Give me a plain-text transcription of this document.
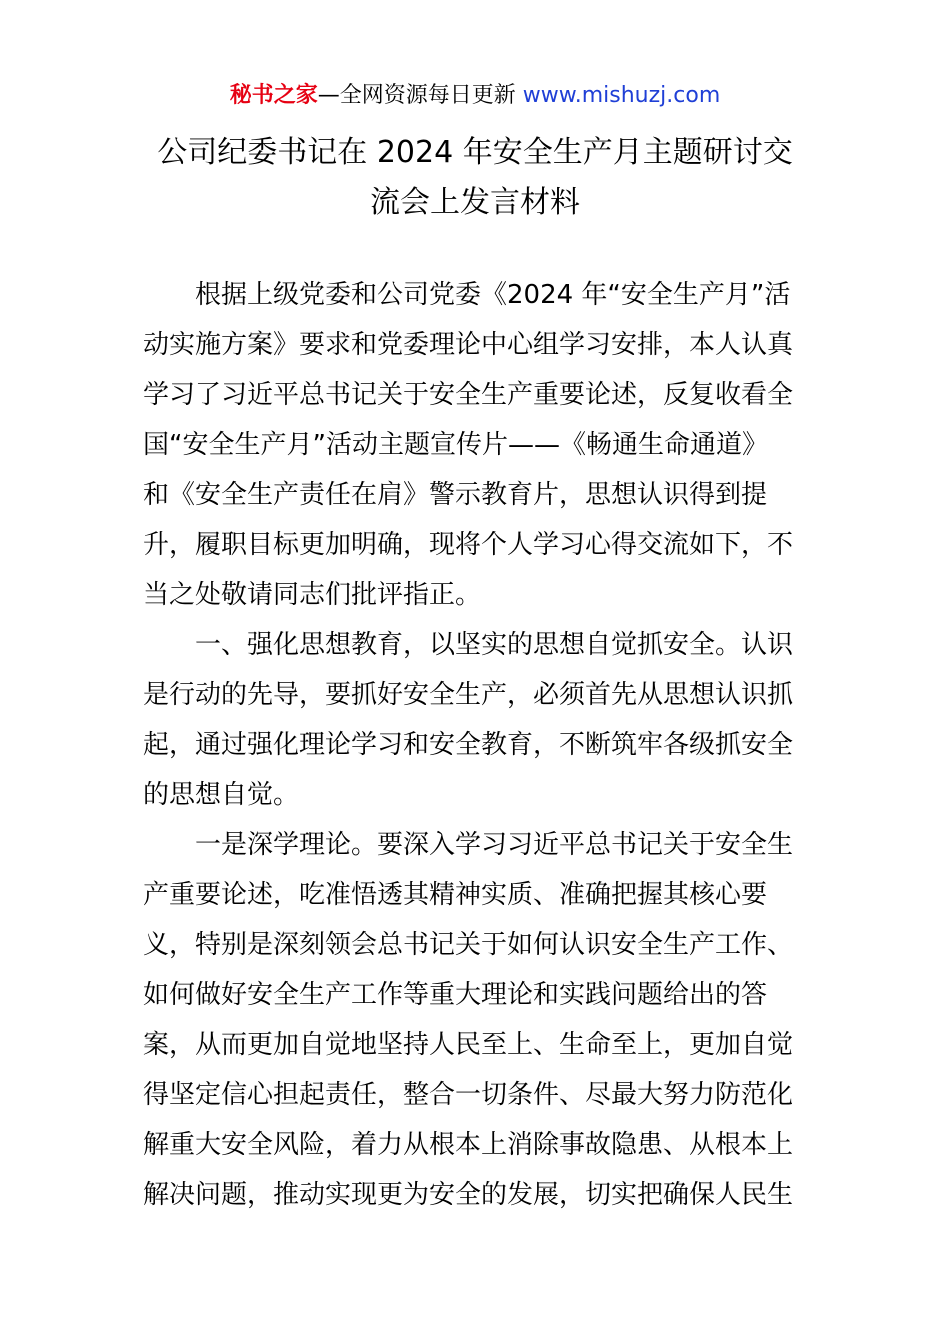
秘书之家—全网资源每日更新 www.mishuzj.com
公司纪委书记在 2024 年安全生产月主题研讨交
流会上发言材料
根据上级党委和公司党委《2024 年“安全生产月”活
动实施方案》要求和党委理论中心组学习安排，本人认真
学习了习近平总书记关于安全生产重要论述，反复收看全
国“安全生产月”活动主题宣传片——《畅通生命通道》
和《安全生产责任在肩》警示教育片，思想认识得到提
升，履职目标更加明确，现将个人学习心得交流如下，不
当之处敬请同志们批评指正。
一、强化思想教育，以坚实的思想自觉抓安全。认识
是行动的先导，要抓好安全生产，必须首先从思想认识抓
起，通过强化理论学习和安全教育，不断筑牢各级抓安全
的思想自觉。
一是深学理论。要深入学习习近平总书记关于安全生
产重要论述，吃准悟透其精神实质、准确把握其核心要
义，特别是深刻领会总书记关于如何认识安全生产工作、
如何做好安全生产工作等重大理论和实践问题给出的答
案，从而更加自觉地坚持人民至上、生命至上，更加自觉
得坚定信心担起责任，整合一切条件、尽最大努力防范化
解重大安全风险，着力从根本上消除事故隐患、从根本上
解决问题，推动实现更为安全的发展，切实把确保人民生
